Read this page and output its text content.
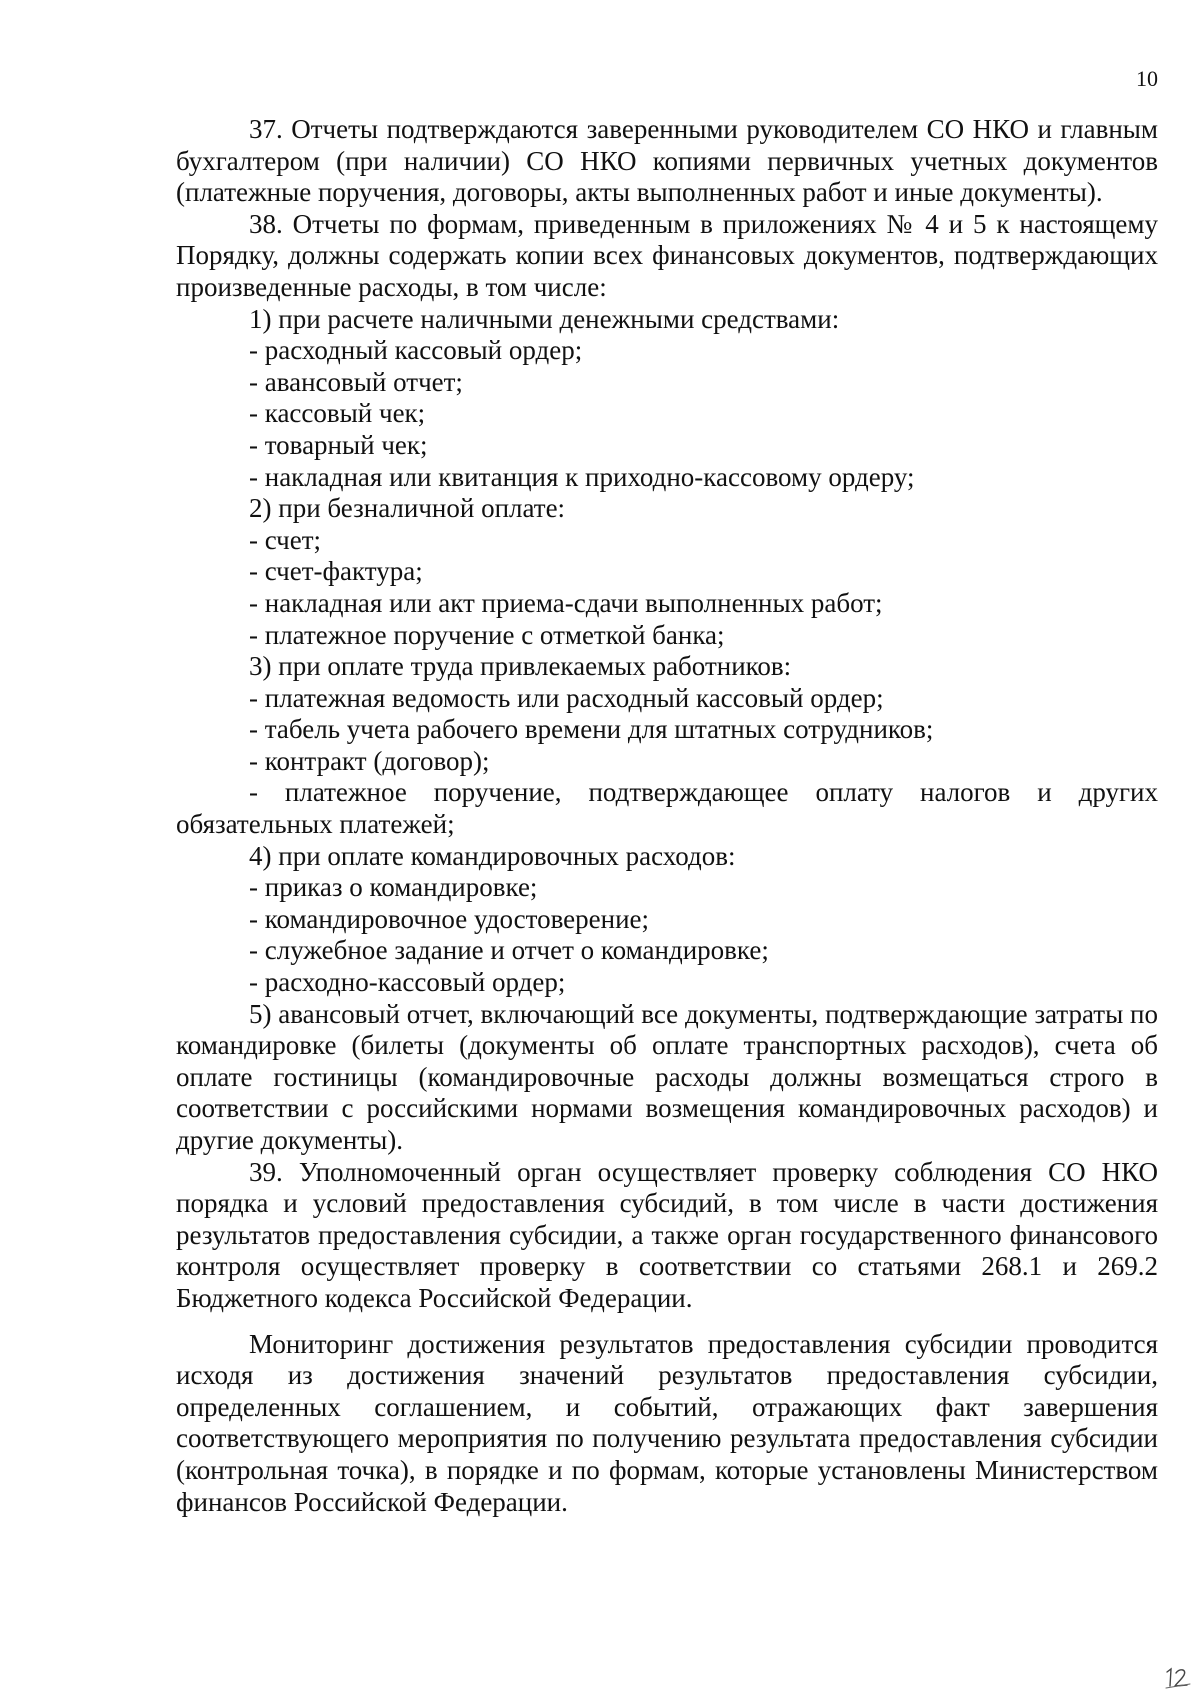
10

37. Отчеты подтверждаются заверенными руководителем СО НКО и главным бухгалтером (при наличии) СО НКО копиями первичных учетных документов (платежные поручения, договоры, акты выполненных работ и иные документы).

38. Отчеты по формам, приведенным в приложениях № 4 и 5 к настоящему Порядку, должны содержать копии всех финансовых документов, подтверждающих произведенные расходы, в том числе:

1) при расчете наличными денежными средствами:

- расходный кассовый ордер;

- авансовый отчет;

- кассовый чек;

- товарный чек;

- накладная или квитанция к приходно-кассовому ордеру;

2) при безналичной оплате:

- счет;

- счет-фактура;

- накладная или акт приема-сдачи выполненных работ;

- платежное поручение с отметкой банка;

3) при оплате труда привлекаемых работников:

- платежная ведомость или расходный кассовый ордер;

- табель учета рабочего времени для штатных сотрудников;

- контракт (договор);

- платежное поручение, подтверждающее оплату налогов и других обязательных платежей;

4) при оплате командировочных расходов:

- приказ о командировке;

- командировочное удостоверение;

- служебное задание и отчет о командировке;

- расходно-кассовый ордер;

5) авансовый отчет, включающий все документы, подтверждающие затраты по командировке (билеты (документы об оплате транспортных расходов), счета об оплате гостиницы (командировочные расходы должны возмещаться строго в соответствии с российскими нормами возмещения командировочных расходов) и другие документы).

39. Уполномоченный орган осуществляет проверку соблюдения СО НКО порядка и условий предоставления субсидий, в том числе в части достижения результатов предоставления субсидии, а также орган государственного финансового контроля осуществляет проверку в соответствии со статьями 268.1 и 269.2 Бюджетного кодекса Российской Федерации.

Мониторинг достижения результатов предоставления субсидии проводится исходя из достижения значений результатов предоставления субсидии, определенных соглашением, и событий, отражающих факт завершения соответствующего мероприятия по получению результата предоставления субсидии (контрольная точка), в порядке и по формам, которые установлены Министерством финансов Российской Федерации.
